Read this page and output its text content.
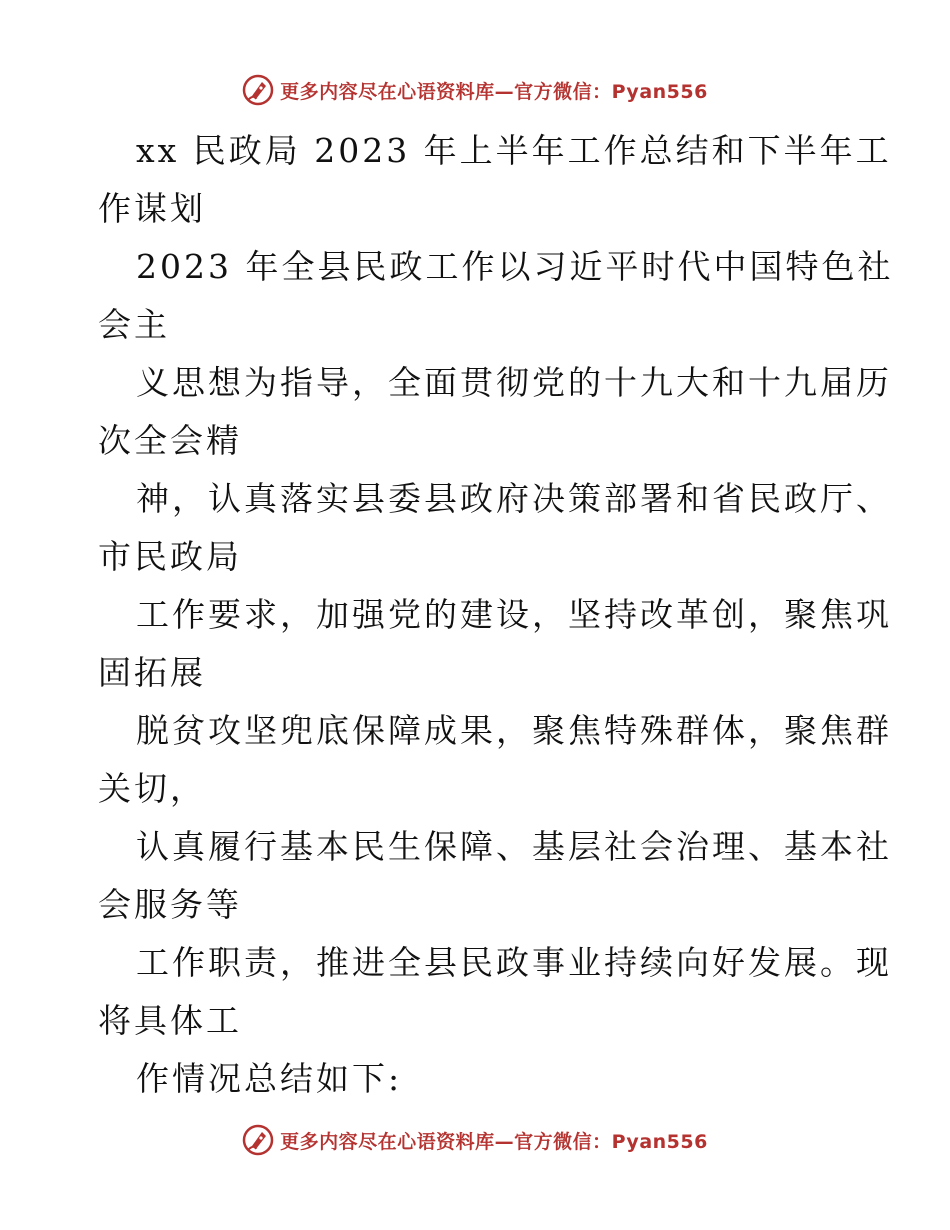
更多内容尽在心语资料库—官方微信：Pyan556
xx 民政局 2023 年上半年工作总结和下半年工
作谋划
2023 年全县民政工作以习近平时代中国特色社
会主
义思想为指导，全面贯彻党的十九大和十九届历
次全会精
神，认真落实县委县政府决策部署和省民政厅、
市民政局
工作要求，加强党的建设，坚持改革创，聚焦巩
固拓展
脱贫攻坚兜底保障成果，聚焦特殊群体，聚焦群
关切，
认真履行基本民生保障、基层社会治理、基本社
会服务等
工作职责，推进全县民政事业持续向好发展。现
将具体工
作情况总结如下:
更多内容尽在心语资料库—官方微信：Pyan556
